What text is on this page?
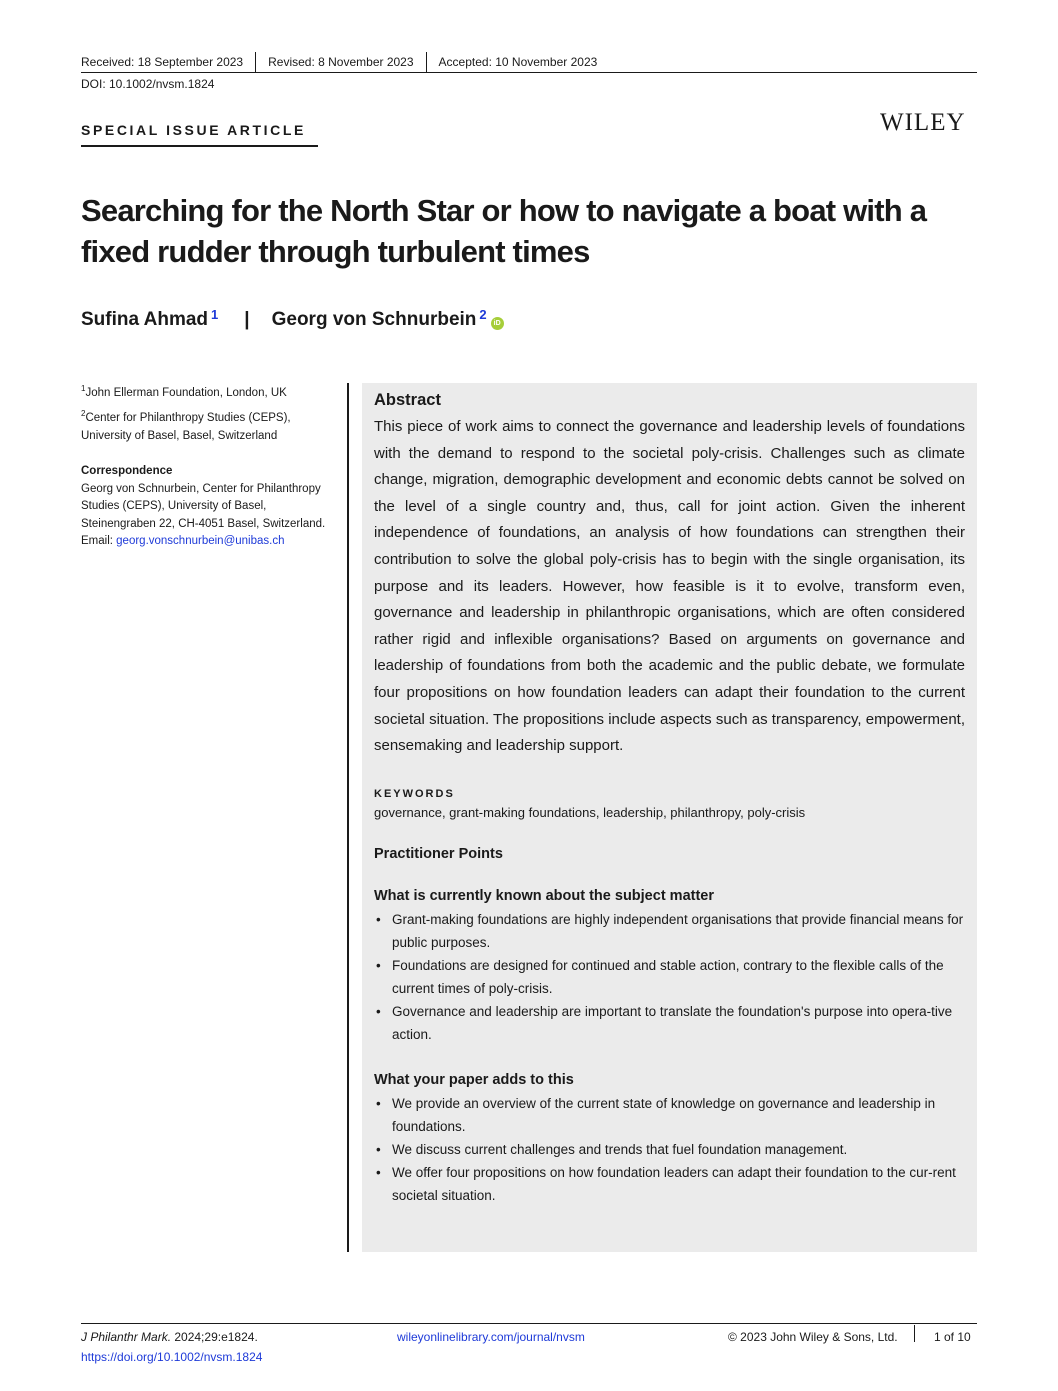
Received: 18 September 2023 Revised: 8 November 2023 Accepted: 10 November 2023
DOI: 10.1002/nvsm.1824
SPECIAL ISSUE ARTICLE	WILEY
Searching for the North Star or how to navigate a boat with a fixed rudder through turbulent times
Sufina Ahmad$^1$ | Georg von Schnurbein$^2$
iD

$^1$John Ellerman Foundation, London, UK

$^2$Center for Philanthropy Studies (CEPS), University of Basel, Basel, Switzerland

Correspondence

Georg von Schnurbein, Center for Philanthropy Studies (CEPS), University of Basel, Steinengraben 22, CH-4051 Basel, Switzerland.

Email: georg.vonschnurbein@unibas.ch

Abstract

This piece of work aims to connect the governance and leadership levels of foundations with the demand to respond to the societal poly-crisis. Challenges such as climate change, migration, demographic development and economic debts cannot be solved on the level of a single country and, thus, call for joint action. Given the inherent independence of foundations, an analysis of how foundations can strengthen their contribution to solve the global poly-crisis has to begin with the single organisation, its purpose and its leaders. However, how feasible is it to evolve, transform even, governance and leadership in philanthropic organisations, which are often considered rather rigid and inflexible organisations? Based on arguments on governance and leadership of foundations from both the academic and the public debate, we formulate four propositions on how foundation leaders can adapt their foundation to the current societal situation. The propositions include aspects such as transparency, empowerment, sensemaking and leadership support.

KEYWORDS
governance, grant-making foundations, leadership, philanthropy, poly-crisis
Practitioner Points
What is currently known about the subject matter
• Grant-making foundations are highly independent organisations that provide financial means for public purposes.
• Foundations are designed for continued and stable action, contrary to the flexible calls of the current times of poly-crisis.
• Governance and leadership are important to translate the foundation's purpose into opera-tive action.
What your paper adds to this
• We provide an overview of the current state of knowledge on governance and leadership in foundations.
• We discuss current challenges and trends that fuel foundation management.
• We offer four propositions on how foundation leaders can adapt their foundation to the cur-rent societal situation.
J Philanthr Mark. 2024;29:e1824.
https://doi.org/10.1002/nvsm.1824
wileyonlinelibrary.com/journal/nvsm	© 2023 John Wiley & Sons, Ltd.	1 of 10
